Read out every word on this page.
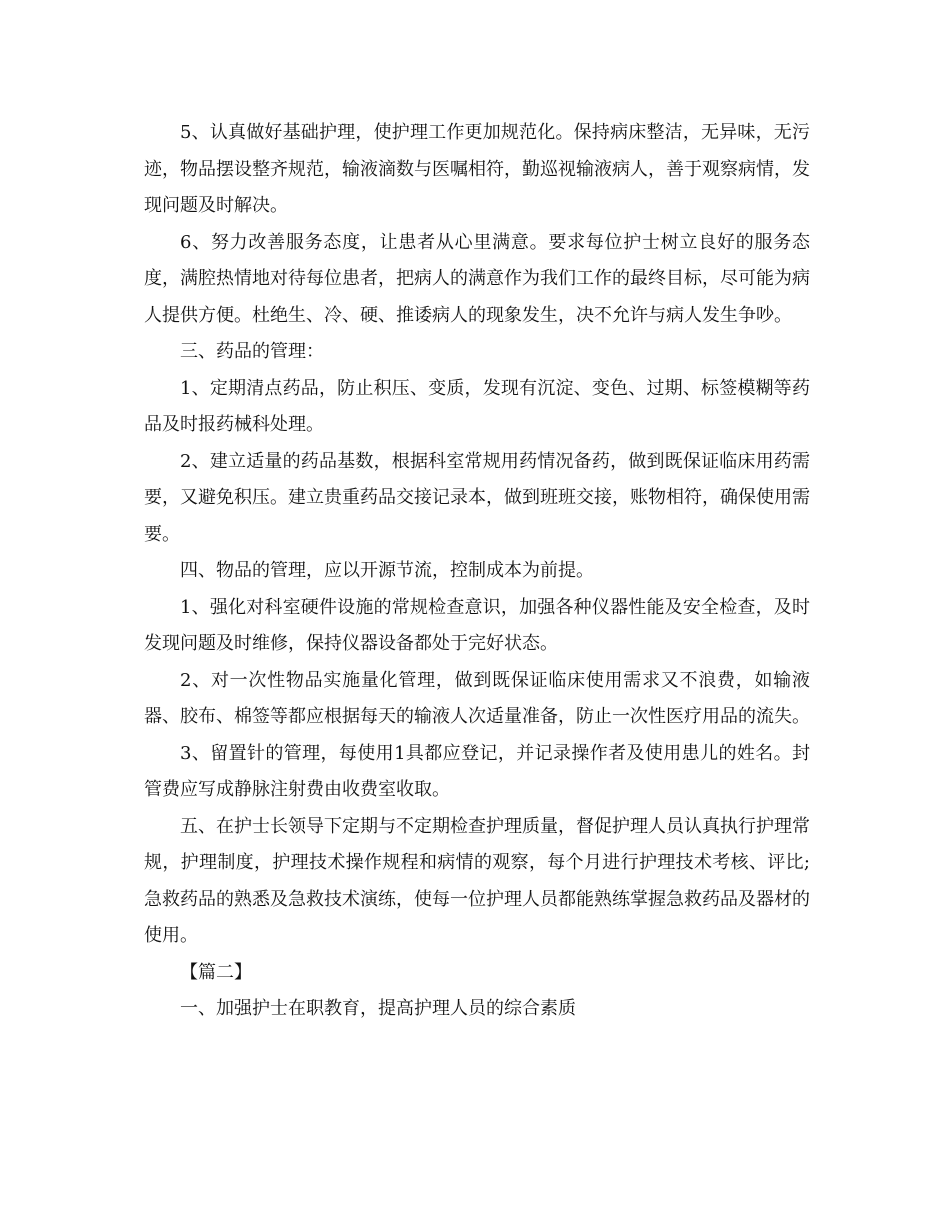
5、认真做好基础护理，使护理工作更加规范化。保持病床整洁，无异味，无污迹，物品摆设整齐规范，输液滴数与医嘱相符，勤巡视输液病人，善于观察病情，发现问题及时解决。

6、努力改善服务态度，让患者从心里满意。要求每位护士树立良好的服务态度，满腔热情地对待每位患者，把病人的满意作为我们工作的最终目标，尽可能为病人提供方便。杜绝生、冷、硬、推诿病人的现象发生，决不允许与病人发生争吵。

三、药品的管理：

1、定期清点药品，防止积压、变质，发现有沉淀、变色、过期、标签模糊等药品及时报药械科处理。

2、建立适量的药品基数，根据科室常规用药情况备药，做到既保证临床用药需要，又避免积压。建立贵重药品交接记录本，做到班班交接，账物相符，确保使用需要。

四、物品的管理，应以开源节流，控制成本为前提。

1、强化对科室硬件设施的常规检查意识，加强各种仪器性能及安全检查，及时发现问题及时维修，保持仪器设备都处于完好状态。

2、对一次性物品实施量化管理，做到既保证临床使用需求又不浪费，如输液器、胶布、棉签等都应根据每天的输液人次适量准备，防止一次性医疗用品的流失。

3、留置针的管理，每使用1具都应登记，并记录操作者及使用患儿的姓名。封管费应写成静脉注射费由收费室收取。

五、在护士长领导下定期与不定期检查护理质量，督促护理人员认真执行护理常规，护理制度，护理技术操作规程和病情的观察，每个月进行护理技术考核、评比;急救药品的熟悉及急救技术演练，使每一位护理人员都能熟练掌握急救药品及器材的使用。

【篇二】

一、加强护士在职教育，提高护理人员的综合素质
